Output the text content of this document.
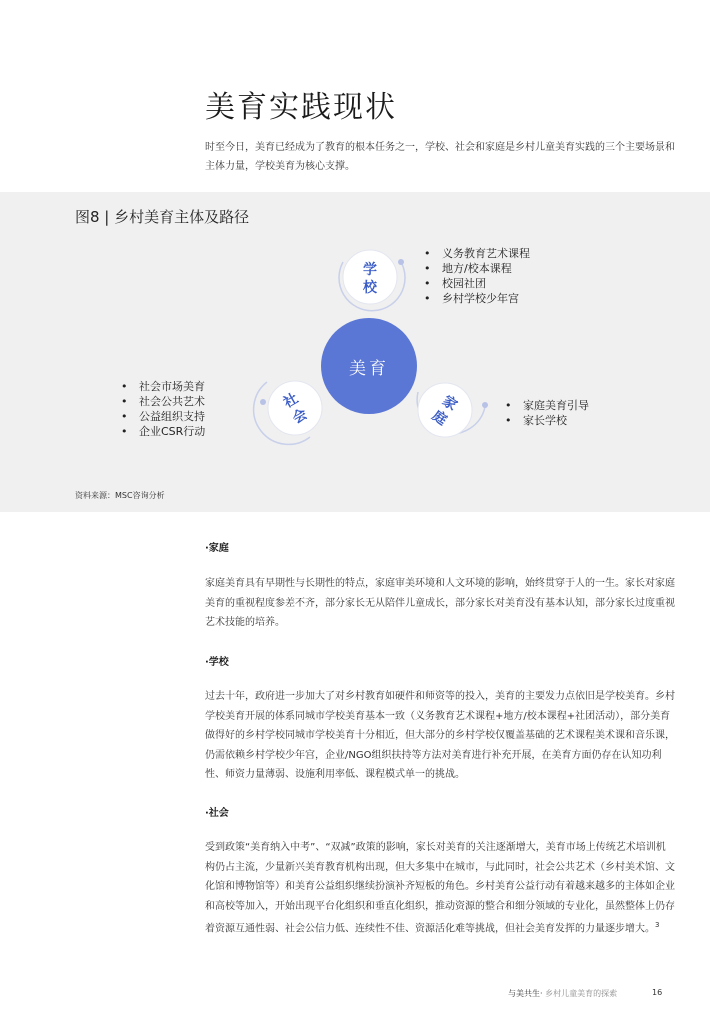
美育实践现状
时至今日，美育已经成为了教育的根本任务之一，学校、社会和家庭是乡村儿童美育实践的三个主要场景和主体力量，学校美育为核心支撑。
图8 | 乡村美育主体及路径
美育
学
校
社
会
家
庭
• 义务教育艺术课程
• 地方/校本课程
• 校园社团
• 乡村学校少年宫
• 社会市场美育
• 社会公共艺术
• 公益组织支持
• 企业CSR行动
• 家庭美育引导
• 家长学校
资料来源：MSC咨询分析
·家庭
家庭美育具有早期性与长期性的特点，家庭审美环境和人文环境的影响，始终贯穿于人的一生。家长对家庭美育的重视程度参差不齐，部分家长无从陪伴儿童成长，部分家长对美育没有基本认知，部分家长过度重视艺术技能的培养。
·学校
过去十年，政府进一步加大了对乡村教育如硬件和师资等的投入，美育的主要发力点依旧是学校美育。乡村学校美育开展的体系同城市学校美育基本一致（义务教育艺术课程+地方/校本课程+社团活动），部分美育做得好的乡村学校同城市学校美育十分相近，但大部分的乡村学校仅覆盖基础的艺术课程美术课和音乐课，仍需依赖乡村学校少年宫，企业/NGO组织扶持等方法对美育进行补充开展，在美育方面仍存在认知功利性、师资力量薄弱、设施利用率低、课程模式单一的挑战。
·社会
受到政策“美育纳入中考”、“双减”政策的影响，家长对美育的关注逐渐增大，美育市场上传统艺术培训机构仍占主流，少量新兴美育教育机构出现，但大多集中在城市，与此同时，社会公共艺术（乡村美术馆、文化馆和博物馆等）和美育公益组织继续扮演补齐短板的角色。乡村美育公益行动有着越来越多的主体如企业和高校等加入，开始出现平台化组织和垂直化组织，推动资源的整合和细分领域的专业化，虽然整体上仍存着资源互通性弱、社会公信力低、连续性不佳、资源活化难等挑战，但社会美育发挥的力量逐步增大。$^3$
与美共生· 乡村儿童美育的探索	16
